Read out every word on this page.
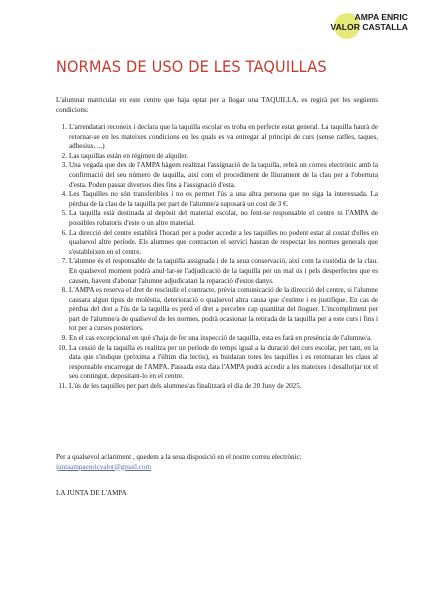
AMPA ENRIC
VALOR CASTALLA
NORMAS DE USO DE LES TAQUILLAS
L'alumnat matriculat en este centre que haja optat per a llogar una TAQUILLA, es regirà per les següents condicions:
1. L'arrendatari reconeix i declara que la taquilla escolar es troba en perfecte estat general. La taquilla haurà de retornar-se en les mateixes condicions en les quals es va entregar al principi de curs (sense ratlles, taques, adhesius, ...)
2. Las taquillas están en régimen de alquiler.
3. Una vegada que des de l'AMPA hàgem realitzat l'assignació de la taquilla, rebrà un correu electrònic amb la confirmació del seu número de taquilla, així com el procediment de lliurament de la clau per a l'obertura d'esta. Poden passar diversos dies fins a l'assignació d'esta.
4. Les Taquilles no són transferibles i no es permet l'ús a una altra persona que no siga la interessada. La pèrdua de la clau de la taquilla per part de l'alumne/a suposarà un cost de 3 €.
5. La taquilla està destinada al depòsit del material escolar, no fent-se responsable el centre ni l'AMPA de possibles robatoris d'este o un altre material.
6. La direcció del centre establirà l'horari per a poder accedir a les taquilles no podent estar al costat d'elles en qualsevol altre període. Els alumnes que contracten el servici hauran de respectar les normes generals que s'estableixen en el centre.
7. L'alumne és el responsable de la taquilla assignada i de la seua conservació, així com la custòdia de la clau. En qualsevol moment podrà anul·lar-se l'adjudicació de la taquilla per un mal ús i pels desperfectes que es causen, havent d'abonar l'alumne adjudicatari la reparació d'estos danys.
8. L'AMPA es reserva el dret de rescindir el contracte, prèvia comunicació de la direcció del centre, si l'alumne causara algun tipus de molèstia, deterioració o qualsevol altra causa que s'estime i es justifique. En cas de pèrdua del dret a l'ús de la taquilla es perd el dret a percebre cap quantitat del lloguer. L'incompliment per part de l'alumne/a de qualsevol de les normes, podrà ocasionar la retirada de la taquilla per a este curs i fins i tot per a cursos posteriors.
9. En el cas excepcional en què s'haja de fer una inspecció de taquilla, esta es farà en presència de l'alumne/a.
10. La cessió de la taquilla es realitza per un període de temps igual a la duració del curs escolar, per tant, en la data que s'indique (pròxima a l'últim dia lectiu), es buidaran totes les taquilles i es retornaran les claus al responsable encarregat de l'AMPA. Passada esta data l'AMPA podrà accedir a les mateixes i desallotjar tot el seu contingut, depositant-lo en el centre.
11. L'ús de les taquilles per part dels alumnes/as finalitzarà el dia de 20 Juny de 2025.
Per a qualsevol aclariment , quedem a la seua disposició en el nostre correu electrònic:
juntaampaenricvalor@gmail.com
LA JUNTA DE L'AMPA
